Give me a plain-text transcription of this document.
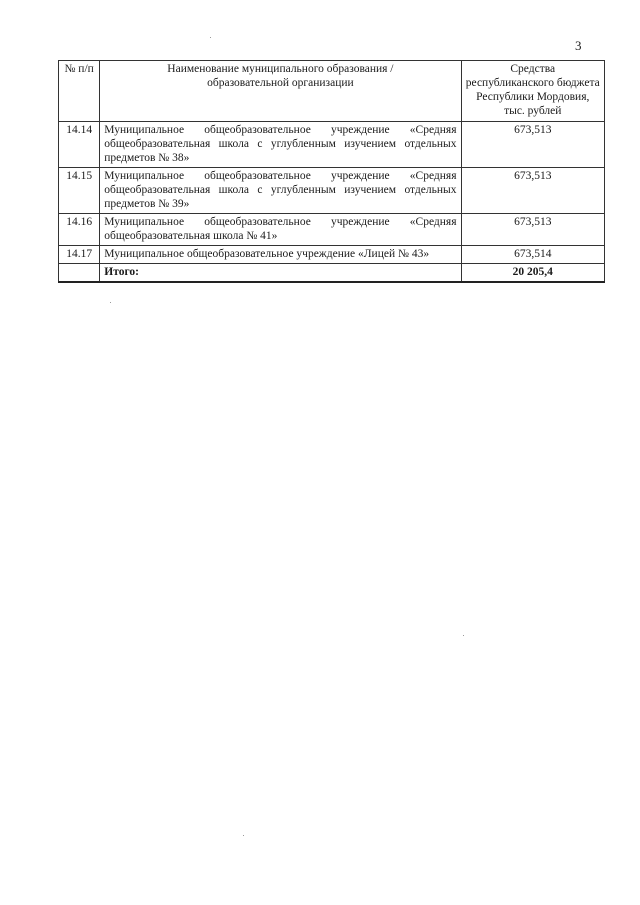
3
№ п/п	Наименование муниципального образования / образовательной организации	Средства республиканского бюджета Республики Мордовия, тыс. рублей
14.14	Муниципальное общеобразовательное учреждение «Средняя общеобразовательная школа с углубленным изучением отдельных предметов № 38»	673,513
14.15	Муниципальное общеобразовательное учреждение «Средняя общеобразовательная школа с углубленным изучением отдельных предметов № 39»	673,513
14.16	Муниципальное общеобразовательное учреждение «Средняя общеобразовательная школа № 41»	673,513
14.17	Муниципальное общеобразовательное учреждение «Лицей № 43»	673,514
	Итого:	20 205,4
